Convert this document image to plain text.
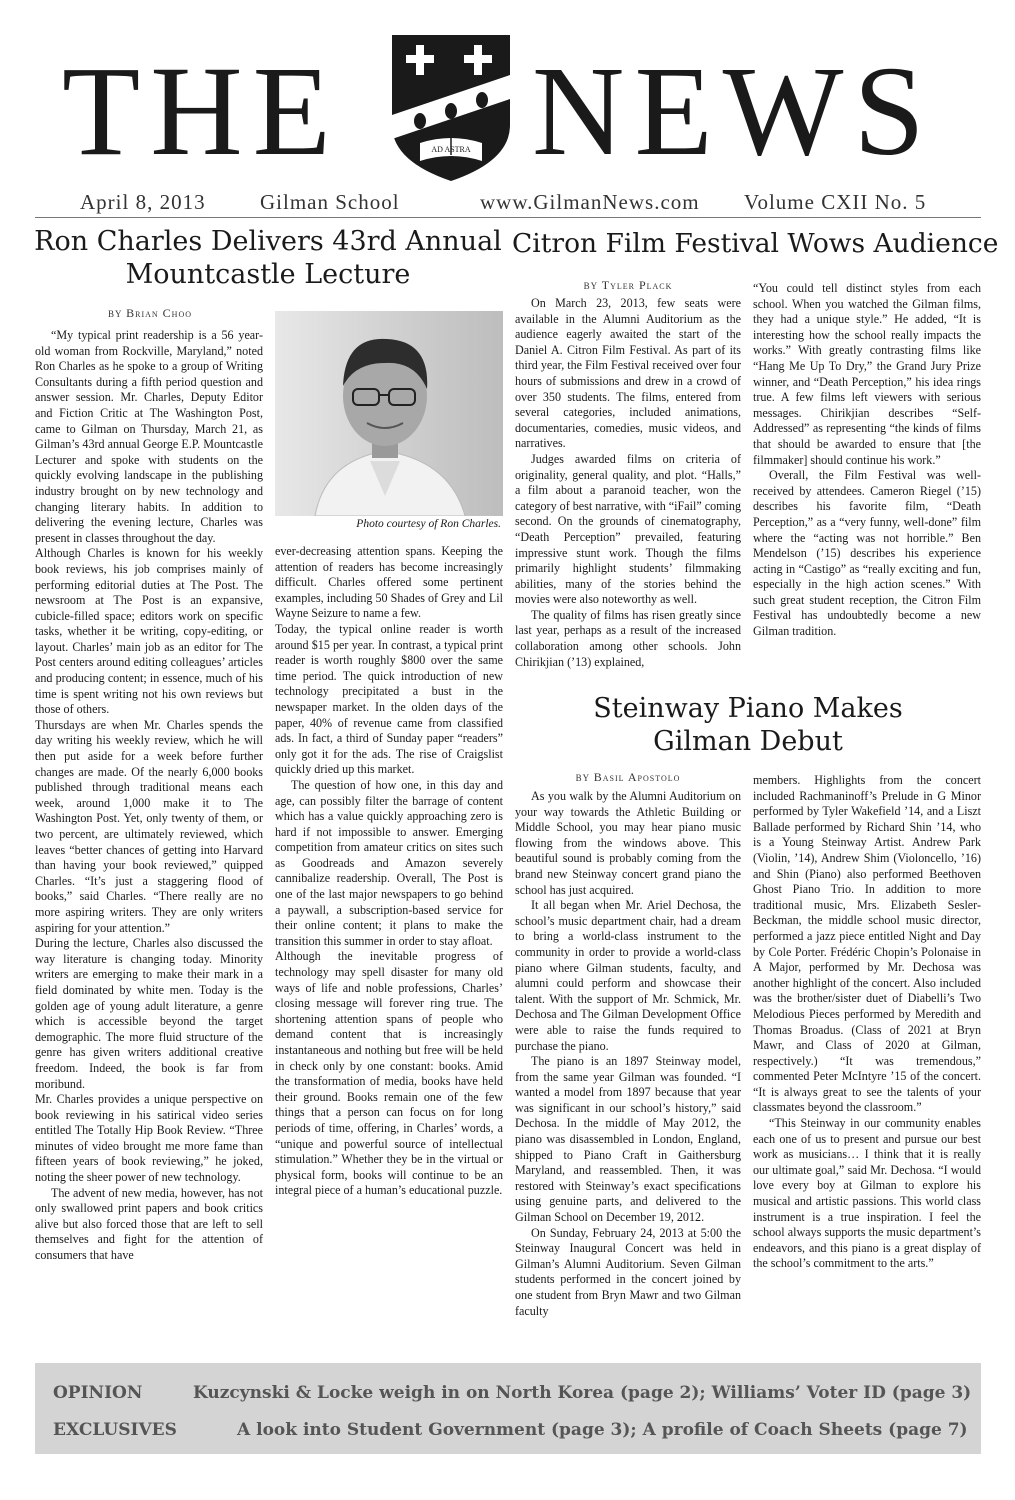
THE	AD ASTRA NEWS
April 8, 2013	Gilman School	www.GilmanNews.com Volume CXII No. 5
Ron Charles Delivers 43rd Annual
Mountcastle Lecture
BY Brian Choo

“My typical print readership is a 56 year-old woman from Rockville, Maryland,” noted Ron Charles as he spoke to a group of Writing Consultants during a fifth period question and answer session. Mr. Charles, Deputy Editor and Fiction Critic at The Washington Post, came to Gilman on Thursday, March 21, as Gilman’s 43rd annual George E.P. Mountcastle Lecturer and spoke with students on the quickly evolving landscape in the publishing industry brought on by new technology and changing literary habits. In addition to delivering the evening lecture, Charles was present in classes throughout the day.

Although Charles is known for his weekly book reviews, his job comprises mainly of performing editorial duties at The Post. The newsroom at The Post is an expansive, cubicle-filled space; editors work on specific tasks, whether it be writing, copy-editing, or layout. Charles’ main job as an editor for The Post centers around editing colleagues’ articles and producing content; in essence, much of his time is spent writing not his own reviews but those of others.

Thursdays are when Mr. Charles spends the day writing his weekly review, which he will then put aside for a week before further changes are made. Of the nearly 6,000 books published through traditional means each week, around 1,000 make it to The Washington Post. Yet, only twenty of them, or two percent, are ultimately reviewed, which leaves “better chances of getting into Harvard than having your book reviewed,” quipped Charles. “It’s just a staggering flood of books,” said Charles. “There really are no more aspiring writers. They are only writers aspiring for your attention.”

During the lecture, Charles also discussed the way literature is changing today. Minority writers are emerging to make their mark in a field dominated by white men. Today is the golden age of young adult literature, a genre which is accessible beyond the target demographic. The more fluid structure of the genre has given writers additional creative freedom. Indeed, the book is far from moribund.

Mr. Charles provides a unique perspective on book reviewing in his satirical video series entitled The Totally Hip Book Review. “Three minutes of video brought me more fame than fifteen years of book reviewing,” he joked, noting the sheer power of new technology.

The advent of new media, however, has not only swallowed print papers and book critics alive but also forced those that are left to sell themselves and fight for the attention of consumers that have

Photo courtesy of Ron Charles.

ever-decreasing attention spans. Keeping the attention of readers has become increasingly difficult. Charles offered some pertinent examples, including 50 Shades of Grey and Lil Wayne Seizure to name a few.

Today, the typical online reader is worth around $15 per year. In contrast, a typical print reader is worth roughly $800 over the same time period. The quick introduction of new technology precipitated a bust in the newspaper market. In the olden days of the paper, 40% of revenue came from classified ads. In fact, a third of Sunday paper “readers” only got it for the ads. The rise of Craigslist quickly dried up this market.

The question of how one, in this day and age, can possibly filter the barrage of content which has a value quickly approaching zero is hard if not impossible to answer. Emerging competition from amateur critics on sites such as Goodreads and Amazon severely cannibalize readership. Overall, The Post is one of the last major newspapers to go behind a paywall, a subscription-based service for their online content; it plans to make the transition this summer in order to stay afloat.

Although the inevitable progress of technology may spell disaster for many old ways of life and noble professions, Charles’ closing message will forever ring true. The shortening attention spans of people who demand content that is increasingly instantaneous and nothing but free will be held in check only by one constant: books. Amid the transformation of media, books have held their ground. Books remain one of the few things that a person can focus on for long periods of time, offering, in Charles’ words, a “unique and powerful source of intellectual stimulation.” Whether they be in the virtual or physical form, books will continue to be an integral piece of a human’s educational puzzle.

Citron Film Festival Wows Audience
BY Tyler Plack

On March 23, 2013, few seats were available in the Alumni Auditorium as the audience eagerly awaited the start of the Daniel A. Citron Film Festival. As part of its third year, the Film Festival received over four hours of submissions and drew in a crowd of over 350 students. The films, entered from several categories, included animations, documentaries, comedies, music videos, and narratives.

Judges awarded films on criteria of originality, general quality, and plot. “Halls,” a film about a paranoid teacher, won the category of best narrative, with “iFail” coming second. On the grounds of cinematography, “Death Perception” prevailed, featuring impressive stunt work. Though the films primarily highlight students’ filmmaking abilities, many of the stories behind the movies were also noteworthy as well.

The quality of films has risen greatly since last year, perhaps as a result of the increased collaboration among other schools. John Chirikjian (’13) explained,

“You could tell distinct styles from each school. When you watched the Gilman films, they had a unique style.” He added, “It is interesting how the school really impacts the works.” With greatly contrasting films like “Hang Me Up To Dry,” the Grand Jury Prize winner, and “Death Perception,” his idea rings true. A few films left viewers with serious messages. Chirikjian describes “Self-Addressed” as representing “the kinds of films that should be awarded to ensure that [the filmmaker] should continue his work.”

Overall, the Film Festival was well-received by attendees. Cameron Riegel (’15) describes his favorite film, “Death Perception,” as a “very funny, well-done” film where the “acting was not horrible.” Ben Mendelson (’15) describes his experience acting in “Castigo” as “really exciting and fun, especially in the high action scenes.” With such great student reception, the Citron Film Festival has undoubtedly become a new Gilman tradition.

Steinway Piano Makes
Gilman Debut
BY Basil Apostolo

As you walk by the Alumni Auditorium on your way towards the Athletic Building or Middle School, you may hear piano music flowing from the windows above. This beautiful sound is probably coming from the brand new Steinway concert grand piano the school has just acquired.

It all began when Mr. Ariel Dechosa, the school’s music department chair, had a dream to bring a world-class instrument to the community in order to provide a world-class piano where Gilman students, faculty, and alumni could perform and showcase their talent. With the support of Mr. Schmick, Mr. Dechosa and The Gilman Development Office were able to raise the funds required to purchase the piano.

The piano is an 1897 Steinway model, from the same year Gilman was founded. “I wanted a model from 1897 because that year was significant in our school’s history,” said Dechosa. In the middle of May 2012, the piano was disassembled in London, England, shipped to Piano Craft in Gaithersburg Maryland, and reassembled. Then, it was restored with Steinway’s exact specifications using genuine parts, and delivered to the Gilman School on December 19, 2012.

On Sunday, February 24, 2013 at 5:00 the Steinway Inaugural Concert was held in Gilman’s Alumni Auditorium. Seven Gilman students performed in the concert joined by one student from Bryn Mawr and two Gilman faculty

members. Highlights from the concert included Rachmaninoff’s Prelude in G Minor performed by Tyler Wakefield ’14, and a Liszt Ballade performed by Richard Shin ’14, who is a Young Steinway Artist. Andrew Park (Violin, ’14), Andrew Shim (Violoncello, ’16) and Shin (Piano) also performed Beethoven Ghost Piano Trio. In addition to more traditional music, Mrs. Elizabeth Sesler-Beckman, the middle school music director, performed a jazz piece entitled Night and Day by Cole Porter. Frédéric Chopin’s Polonaise in A Major, performed by Mr. Dechosa was another highlight of the concert. Also included was the brother/sister duet of Diabelli’s Two Melodious Pieces performed by Meredith and Thomas Broadus. (Class of 2021 at Bryn Mawr, and Class of 2020 at Gilman, respectively.) “It was tremendous,” commented Peter McIntyre ’15 of the concert. “It is always great to see the talents of your classmates beyond the classroom.”

“This Steinway in our community enables each one of us to present and pursue our best work as musicians… I think that it is really our ultimate goal,” said Mr. Dechosa. “I would love every boy at Gilman to explore his musical and artistic passions. This world class instrument is a true inspiration. I feel the school always supports the music department’s endeavors, and this piano is a great display of the school’s commitment to the arts.”

OPINION	Kuzcynski & Locke weigh in on North Korea (page 2); Williams’ Voter ID (page 3)
EXCLUSIVES	A look into Student Government (page 3); A profile of Coach Sheets (page 7)
